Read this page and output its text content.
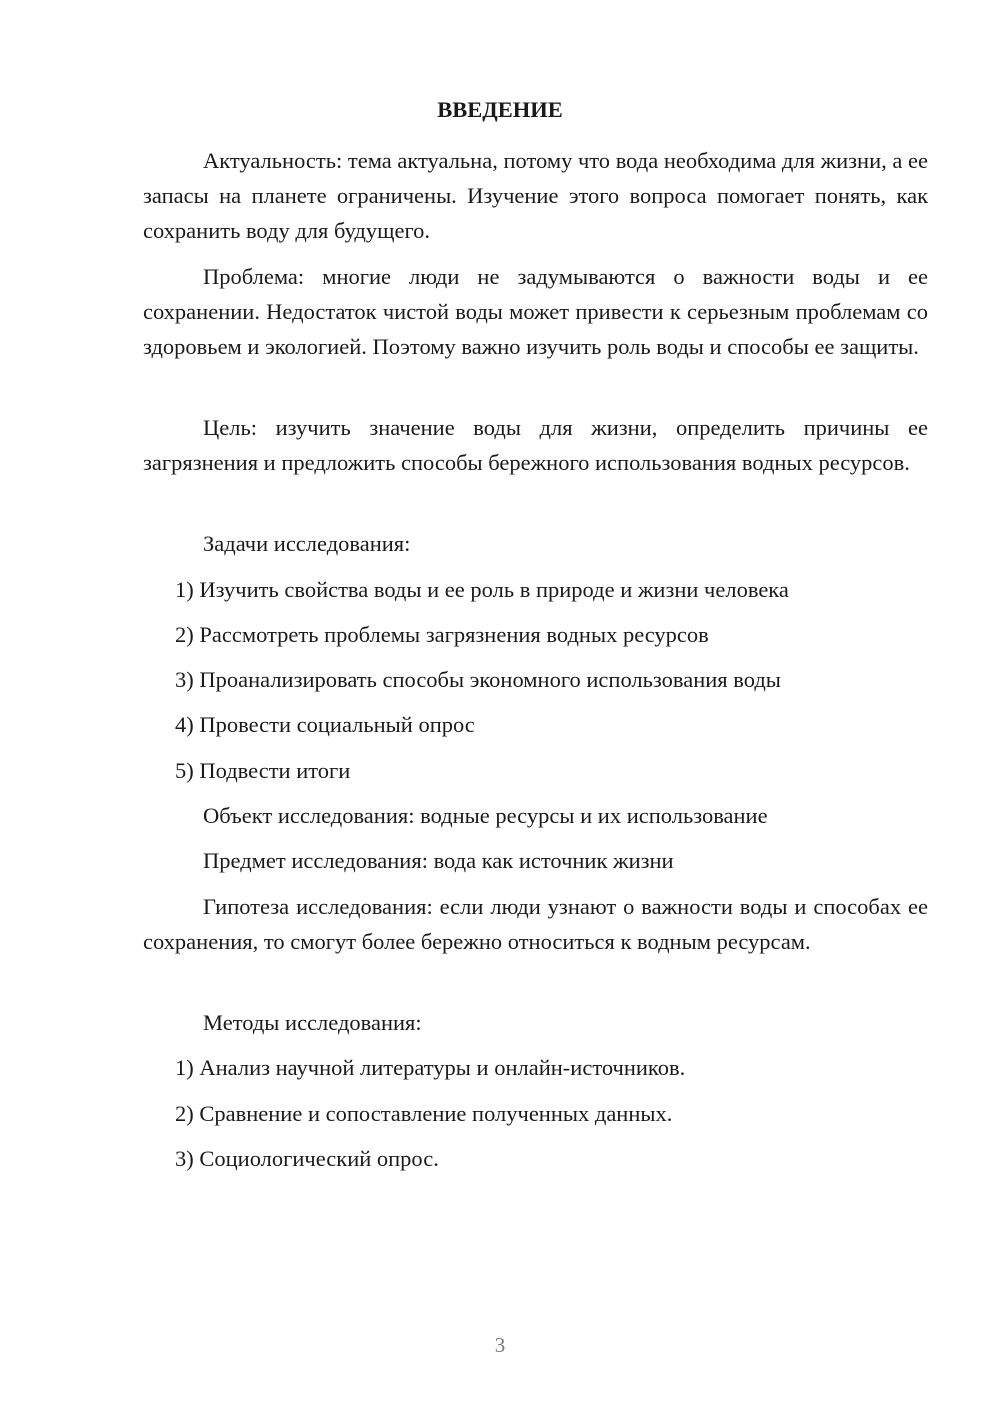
ВВЕДЕНИЕ

Актуальность: тема актуальна, потому что вода необходима для жизни, а ее запасы на планете ограничены. Изучение этого вопроса помогает понять, как сохранить воду для будущего.

Проблема: многие люди не задумываются о важности воды и ее сохранении. Недостаток чистой воды может привести к серьезным проблемам со здоровьем и экологией. Поэтому важно изучить роль воды и способы ее защиты.

Цель: изучить значение воды для жизни, определить причины ее загрязнения и предложить способы бережного использования водных ресурсов.

Задачи исследования:

1) Изучить свойства воды и ее роль в природе и жизни человека

2) Рассмотреть проблемы загрязнения водных ресурсов

3) Проанализировать способы экономного использования воды

4) Провести социальный опрос

5) Подвести итоги

Объект исследования: водные ресурсы и их использование

Предмет исследования: вода как источник жизни

Гипотеза исследования: если люди узнают о важности воды и способах ее сохранения, то смогут более бережно относиться к водным ресурсам.

Методы исследования:

1) Анализ научной литературы и онлайн-источников.

2) Сравнение и сопоставление полученных данных.

3) Социологический опрос.

3
